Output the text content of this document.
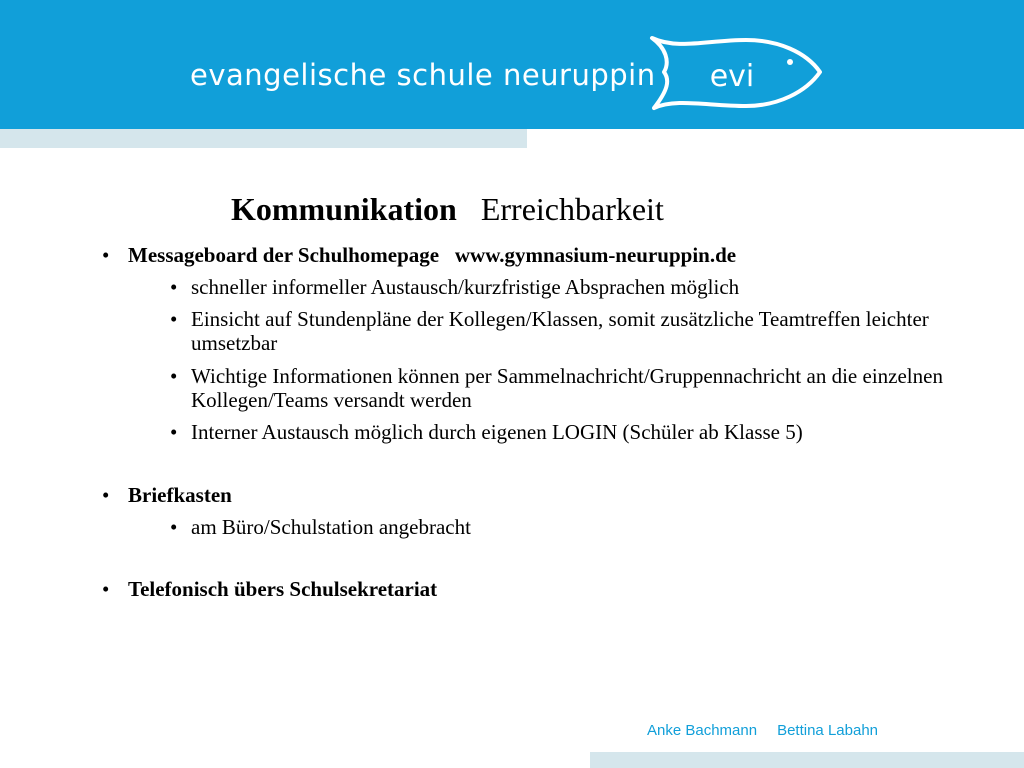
evangelische schule neuruppin evi
Kommunikation Erreichbarkeit
• Messageboard der Schulhomepage www.gymnasium-neuruppin.de
• schneller informeller Austausch/kurzfristige Absprachen möglich
• Einsicht auf Stundenpläne der Kollegen/Klassen, somit zusätzliche Teamtreffen leichter umsetzbar
• Wichtige Informationen können per Sammelnachricht/Gruppennachricht an die einzelnen Kollegen/Teams versandt werden
• Interner Austausch möglich durch eigenen LOGIN (Schüler ab Klasse 5)
• Briefkasten
• am Büro/Schulstation angebracht
• Telefonisch übers Schulsekretariat
Anke Bachmann Bettina Labahn
